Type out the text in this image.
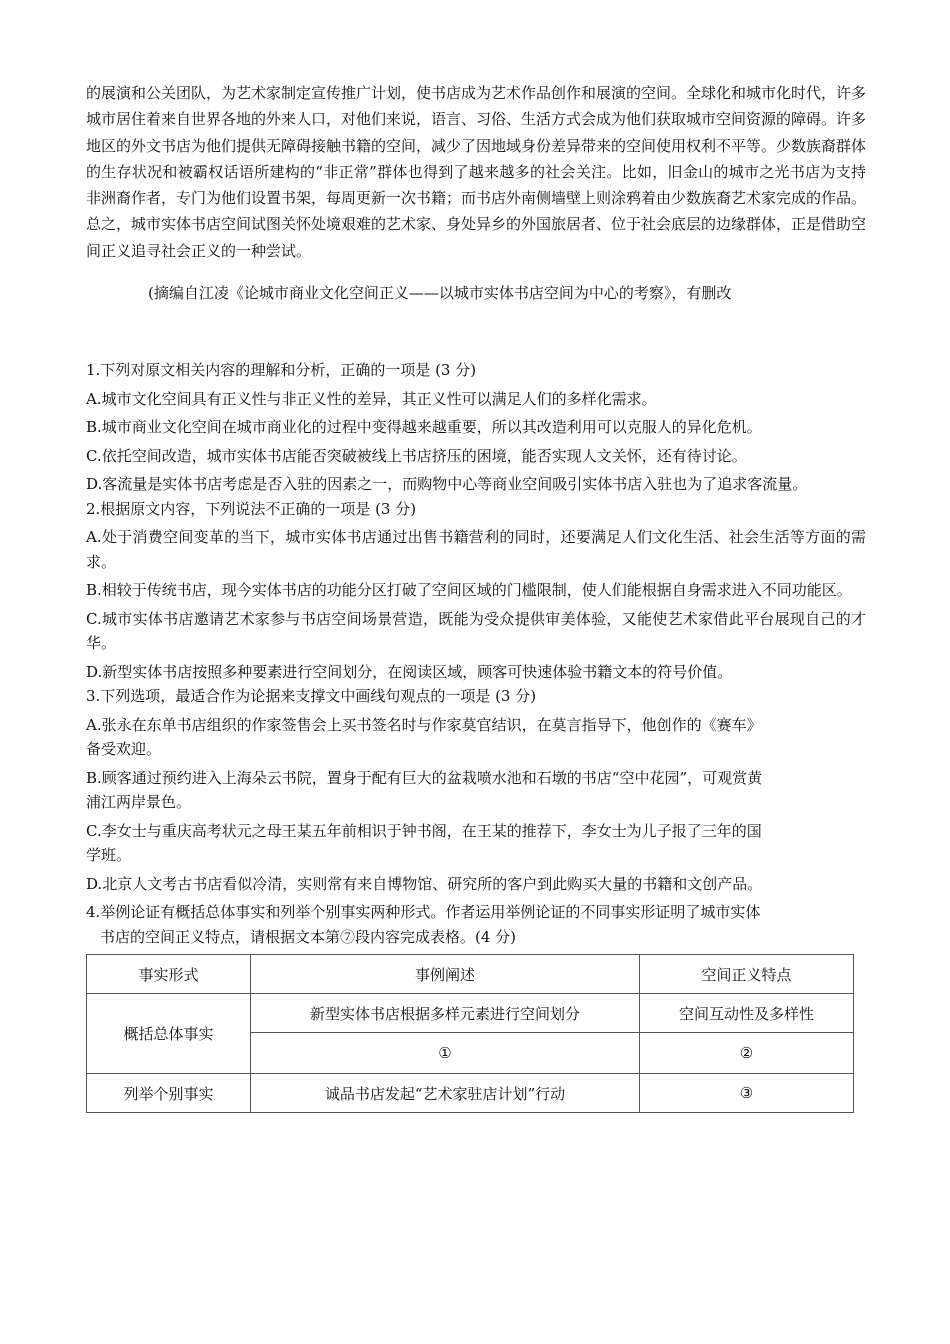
的展演和公关团队，为艺术家制定宣传推广计划，使书店成为艺术作品创作和展演的空间。全球化和城市化时代，许多城市居住着来自世界各地的外来人口，对他们来说，语言、习俗、生活方式会成为他们获取城市空间资源的障碍。许多地区的外文书店为他们提供无障碍接触书籍的空间，减少了因地域身份差异带来的空间使用权利不平等。少数族裔群体的生存状况和被霸权话语所建构的“非正常”群体也得到了越来越多的社会关注。比如，旧金山的城市之光书店为支持非洲裔作者，专门为他们设置书架，每周更新一次书籍；而书店外南侧墙壁上则涂鸦着由少数族裔艺术家完成的作品。总之，城市实体书店空间试图关怀处境艰难的艺术家、身处异乡的外国旅居者、位于社会底层的边缘群体，正是借助空间正义追寻社会正义的一种尝试。

(摘编自江凌《论城市商业文化空间正义——以城市实体书店空间为中心的考察》，有删改

1.下列对原文相关内容的理解和分析，正确的一项是 (3 分)

A.城市文化空间具有正义性与非正义性的差异，其正义性可以满足人们的多样化需求。

B.城市商业文化空间在城市商业化的过程中变得越来越重要，所以其改造利用可以克服人的异化危机。

C.依托空间改造，城市实体书店能否突破被线上书店挤压的困境，能否实现人文关怀，还有待讨论。

D.客流量是实体书店考虑是否入驻的因素之一，而购物中心等商业空间吸引实体书店入驻也为了追求客流量。

2.根据原文内容，下列说法不正确的一项是 (3 分)

A.处于消费空间变革的当下，城市实体书店通过出售书籍营利的同时，还要满足人们文化生活、社会生活等方面的需求。

B.相较于传统书店，现今实体书店的功能分区打破了空间区域的门槛限制，使人们能根据自身需求进入不同功能区。

C.城市实体书店邀请艺术家参与书店空间场景营造，既能为受众提供审美体验，又能使艺术家借此平台展现自己的才华。

D.新型实体书店按照多种要素进行空间划分，在阅读区域，顾客可快速体验书籍文本的符号价值。

3.下列选项，最适合作为论据来支撑文中画线句观点的一项是 (3 分)

A.张永在东单书店组织的作家签售会上买书签名时与作家莫官结识，在莫言指导下，他创作的《赛车》

备受欢迎。

B.顾客通过预约进入上海朵云书院，置身于配有巨大的盆栽喷水池和石墩的书店“空中花园”，可观赏黄

浦江两岸景色。

C.李女士与重庆高考状元之母王某五年前相识于钟书阁，在王某的推荐下，李女士为儿子报了三年的国

学班。

D.北京人文考古书店看似冷清，实则常有来自博物馆、研究所的客户到此购买大量的书籍和文创产品。

4.举例论证有概括总体事实和列举个别事实两种形式。作者运用举例论证的不同事实形证明了城市实体

书店的空间正义特点，请根据文本第⑦段内容完成表格。(4 分)

事实形式	事例阐述	空间正义特点
概括总体事实	新型实体书店根据多样元素进行空间划分	空间互动性及多样性
	①	②
列举个别事实	诚品书店发起“艺术家驻店计划”行动	③
